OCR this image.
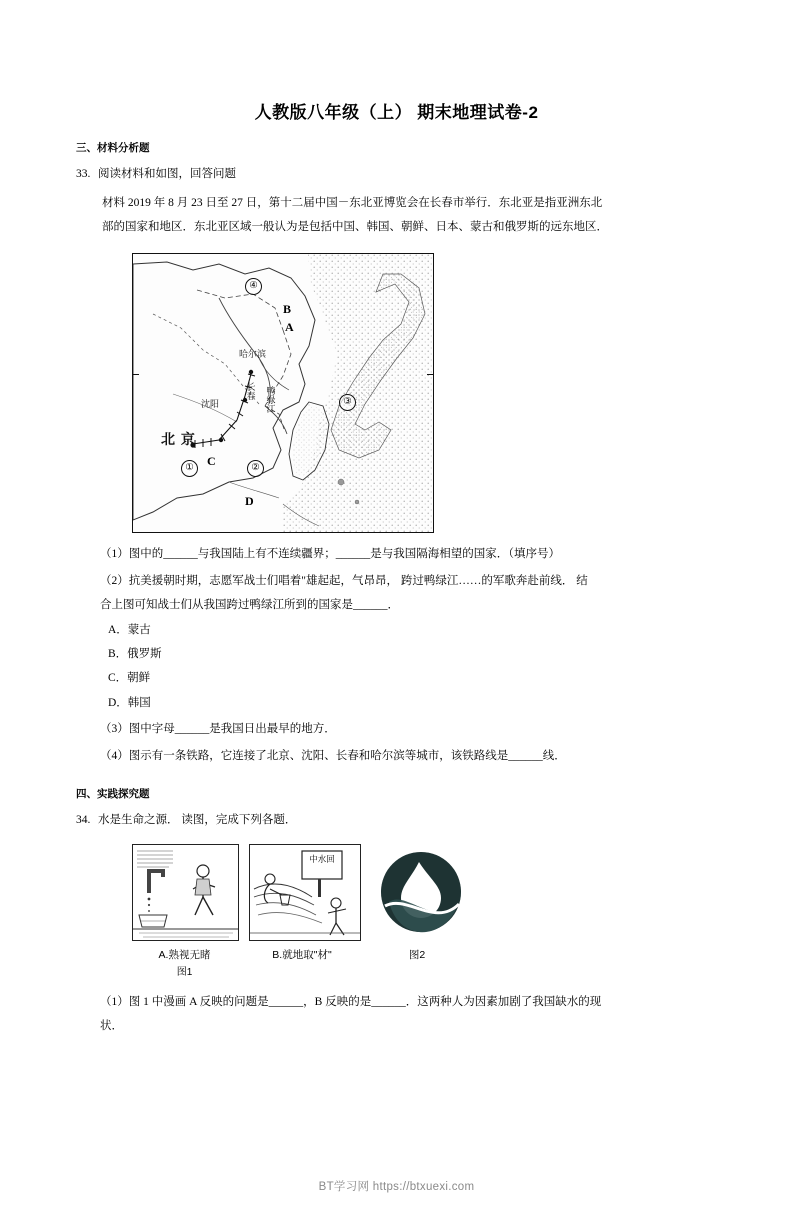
人教版八年级（上） 期末地理试卷-2
三、材料分析题
33. 阅读材料和如图，回答问题
材料 2019 年 8 月 23 日至 27 日，第十二届中国－东北亚博览会在长春市举行．东北亚是指亚洲东北
部的国家和地区．东北亚区域一般认为是包括中国、韩国、朝鲜、日本、蒙古和俄罗斯的远东地区．
哈尔滨
长春
沈阳	鸭绿江
北 京
①	②
③
④
A
B
C
D
（1）图中的______与我国陆上有不连续疆界；______是与我国隔海相望的国家．（填序号）
（2）抗美援朝时期，志愿军战士们唱着"雄起起，气昂昂， 跨过鸭绿江……的军歌奔赴前线． 结
合上图可知战士们从我国跨过鸭绿江所到的国家是______．
A．蒙古
B．俄罗斯
C．朝鲜
D．韩国
（3）图中字母______是我国日出最早的地方．
（4）图示有一条铁路，它连接了北京、沈阳、长春和哈尔滨等城市，该铁路线是______线．
四、实践探究题
34. 水是生命之源． 读图，完成下列各题．
中水回
A.熟视无睹	B.就地取"材"	图2
图1
（1）图 1 中漫画 A 反映的问题是______，B 反映的是______．这两种人为因素加剧了我国缺水的现
状．
BT学习网 https://btxuexi.com
